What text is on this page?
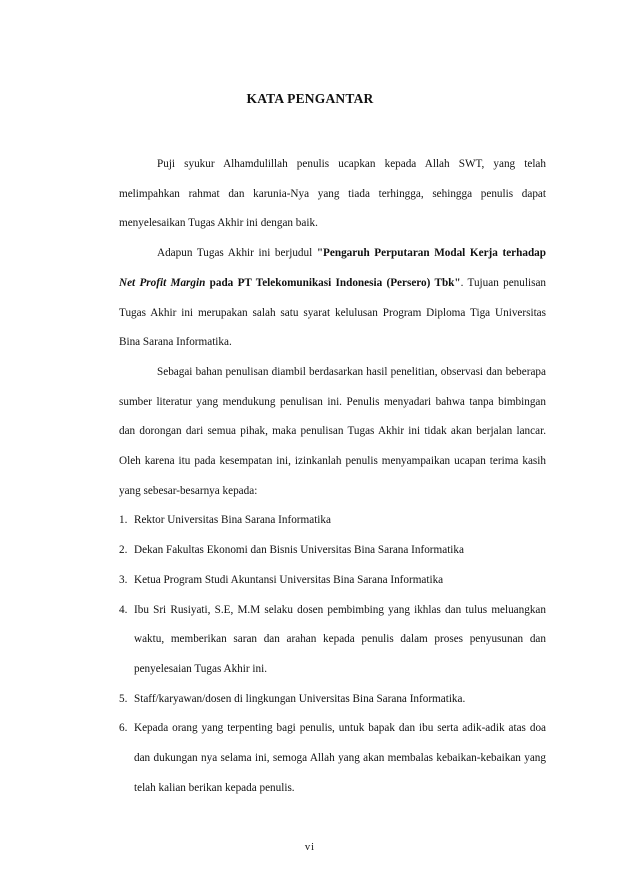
KATA PENGANTAR

Puji syukur Alhamdulillah penulis ucapkan kepada Allah SWT, yang telah melimpahkan rahmat dan karunia-Nya yang tiada terhingga, sehingga penulis dapat menyelesaikan Tugas Akhir ini dengan baik.

Adapun Tugas Akhir ini berjudul "Pengaruh Perputaran Modal Kerja terhadap Net Profit Margin pada PT Telekomunikasi Indonesia (Persero) Tbk". Tujuan penulisan Tugas Akhir ini merupakan salah satu syarat kelulusan Program Diploma Tiga Universitas Bina Sarana Informatika.

Sebagai bahan penulisan diambil berdasarkan hasil penelitian, observasi dan beberapa sumber literatur yang mendukung penulisan ini. Penulis menyadari bahwa tanpa bimbingan dan dorongan dari semua pihak, maka penulisan Tugas Akhir ini tidak akan berjalan lancar. Oleh karena itu pada kesempatan ini, izinkanlah penulis menyampaikan ucapan terima kasih yang sebesar-besarnya kepada:

1. Rektor Universitas Bina Sarana Informatika
2. Dekan Fakultas Ekonomi dan Bisnis Universitas Bina Sarana Informatika
3. Ketua Program Studi Akuntansi Universitas Bina Sarana Informatika
4. Ibu Sri Rusiyati, S.E, M.M selaku dosen pembimbing yang ikhlas dan tulus meluangkan waktu, memberikan saran dan arahan kepada penulis dalam proses penyusunan dan penyelesaian Tugas Akhir ini.
5. Staff/karyawan/dosen di lingkungan Universitas Bina Sarana Informatika.
6. Kepada orang yang terpenting bagi penulis, untuk bapak dan ibu serta adik-adik atas doa dan dukungan nya selama ini, semoga Allah yang akan membalas kebaikan-kebaikan yang telah kalian berikan kepada penulis.
vi
